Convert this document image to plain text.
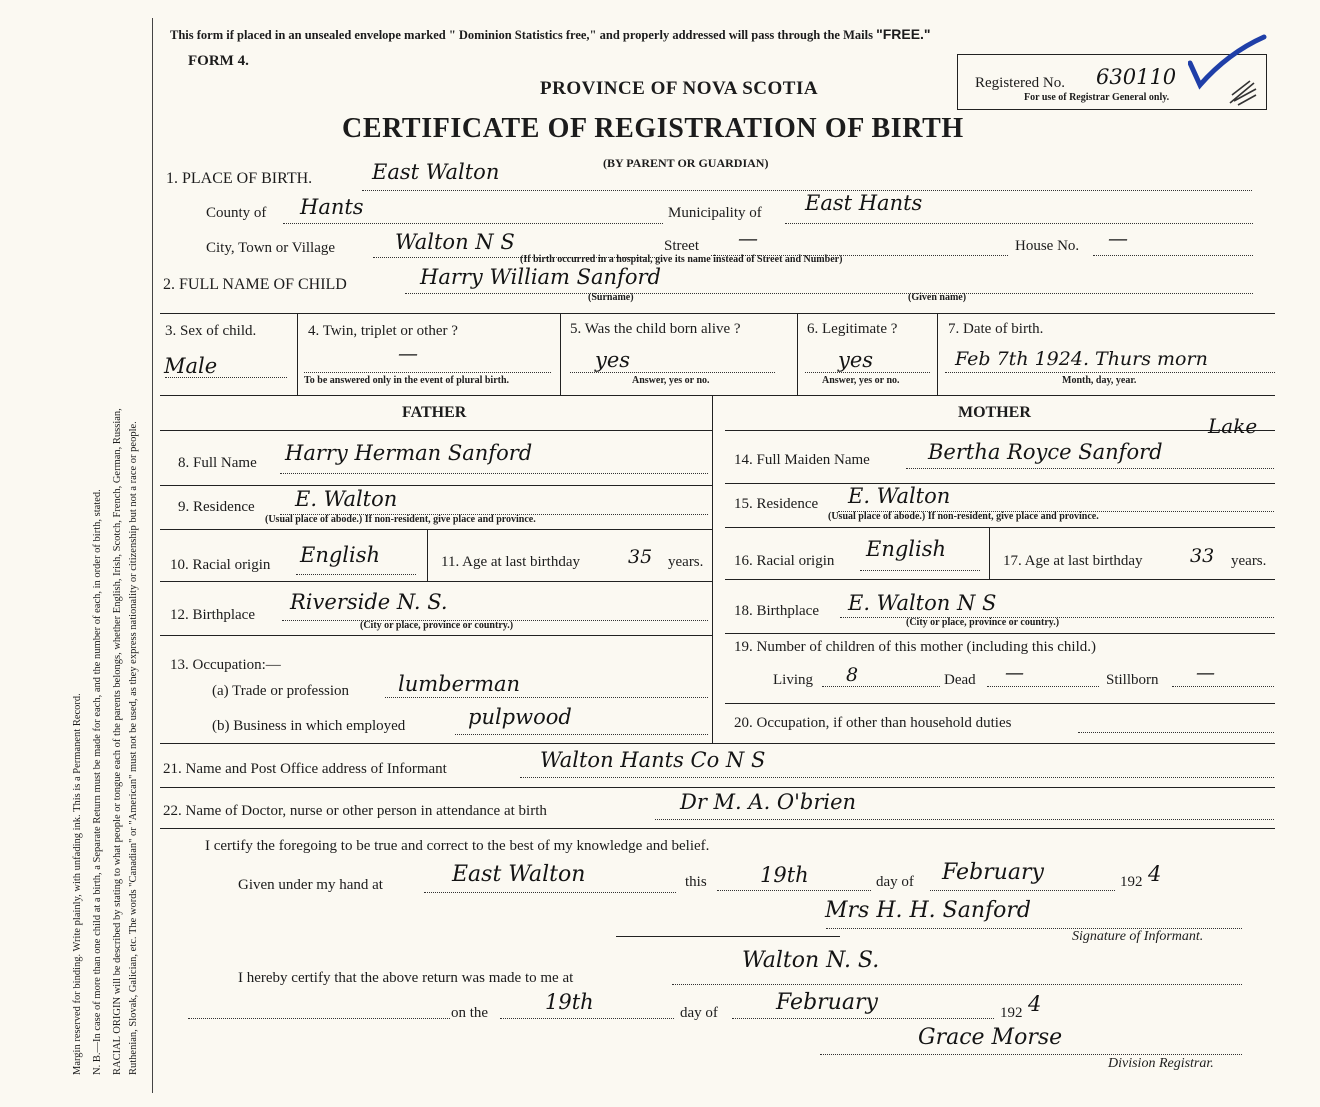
Margin reserved for binding. Write plainly, with unfading ink. This is a Permanent Record. N. B.—In case of more than one child at a birth, a Separate Return must be made for each, and the number of each, in order of birth, stated. RACIAL ORIGIN will be described by stating to what people or tongue each of the parents belongs, whether English, Irish, Scotch, French, German, Russian, Ruthenian, Slovak, Galician, etc. The words "Canadian" or "American" must not be used, as they express nationality or citizenship but not a race or people.
This form if placed in an unsealed envelope marked " Dominion Statistics free," and properly addressed will pass through the Mails "FREE."
FORM 4.
Registered No. 630110
For use of Registrar General only.
PROVINCE OF NOVA SCOTIA
CERTIFICATE OF REGISTRATION OF BIRTH
(BY PARENT OR GUARDIAN)
1. PLACE OF BIRTH.	East Walton
County of Hants	Municipality of East Hants
City, Town or Village	Walton N S	Street —	House No. —
(If birth occurred in a hospital, give its name instead of Street and Number)
2. FULL NAME OF CHILD	Harry William Sanford
(Surname)	(Given name)
3. Sex of child.
Male
4. Twin, triplet or other ?
—
To be answered only in the event of plural birth.
5. Was the child born alive ?
yes
Answer, yes or no.
6. Legitimate ?
yes
Answer, yes or no.
7. Date of birth.
Feb 7th 1924. Thurs morn
Month, day, year.
FATHER	MOTHER
8. Full Name Harry Herman Sanford
9. Residence E. Walton
(Usual place of abode.) If non-resident, give place and province.
10. Racial origin English	11. Age at last birthday	35 years.
12. Birthplace
Riverside N. S.
(City or place, province or country.)
13. Occupation:—
(a) Trade or profession lumberman
(b) Business in which employed	pulpwood
14. Full Maiden Name	Bertha Royce Sanford
Lake
15. Residence E. Walton
(Usual place of abode.) If non-resident, give place and province.
16. Racial origin English	17. Age at last birthday 33 years.
18. Birthplace E. Walton N S
(City or place, province or country.)
19. Number of children of this mother (including this child.)
Living 8	Dead —	Stillborn —
20. Occupation, if other than household duties
21. Name and Post Office address of Informant	Walton Hants Co N S
22. Name of Doctor, nurse or other person in attendance at birth	Dr M. A. O'brien
I certify the foregoing to be true and correct to the best of my knowledge and belief.
Given under my hand at	East Walton	this	19th	day of February	192 4
Mrs H. H. Sanford
Signature of Informant.
I hereby certify that the above return was made to me at
Walton N. S.
on the	19th	day of	February	192 4
Grace Morse
Division Registrar.
